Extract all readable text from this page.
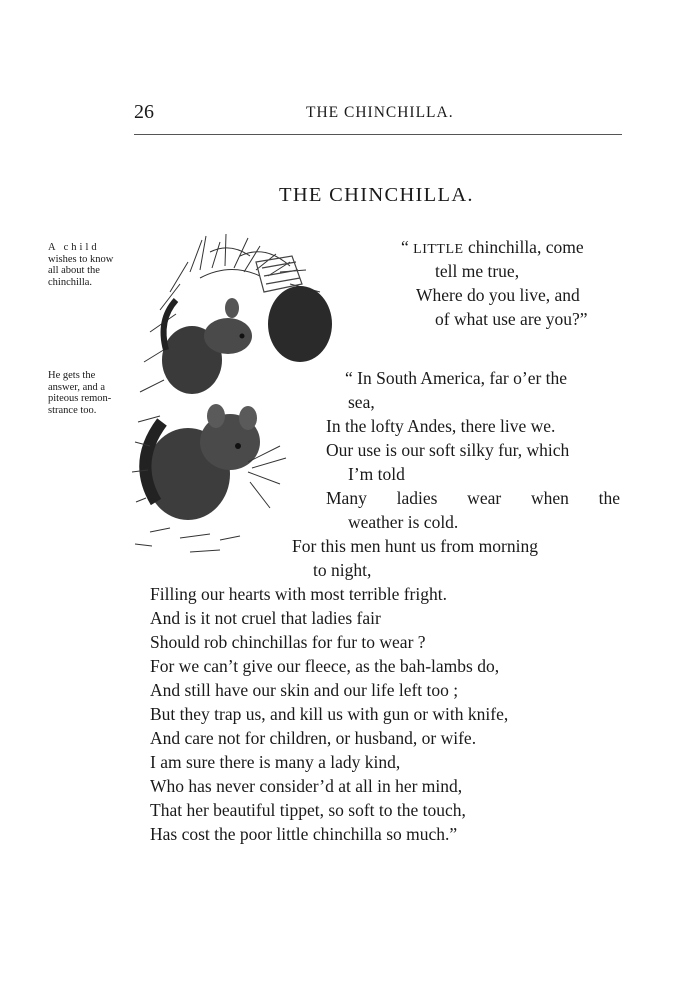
26	THE CHINCHILLA.
THE CHINCHILLA.
A child
wishes to know
all about the
chinchilla.
He gets the
answer, and a
piteous remon-
strance too.
“ LITTLE chinchilla, come
tell me true,
Where do you live, and
of what use are you?”
“ In South America, far o’er the
sea,
In the lofty Andes, there live we.
Our use is our soft silky fur, which
I’m told
Many ladies wear when the
weather is cold.
For this men hunt us from morning
to night,
Filling our hearts with most terrible fright.
And is it not cruel that ladies fair
Should rob chinchillas for fur to wear ?
For we can’t give our fleece, as the bah-lambs do,
And still have our skin and our life left too ;
But they trap us, and kill us with gun or with knife,
And care not for children, or husband, or wife.
I am sure there is many a lady kind,
Who has never consider’d at all in her mind,
That her beautiful tippet, so soft to the touch,
Has cost the poor little chinchilla so much.”
